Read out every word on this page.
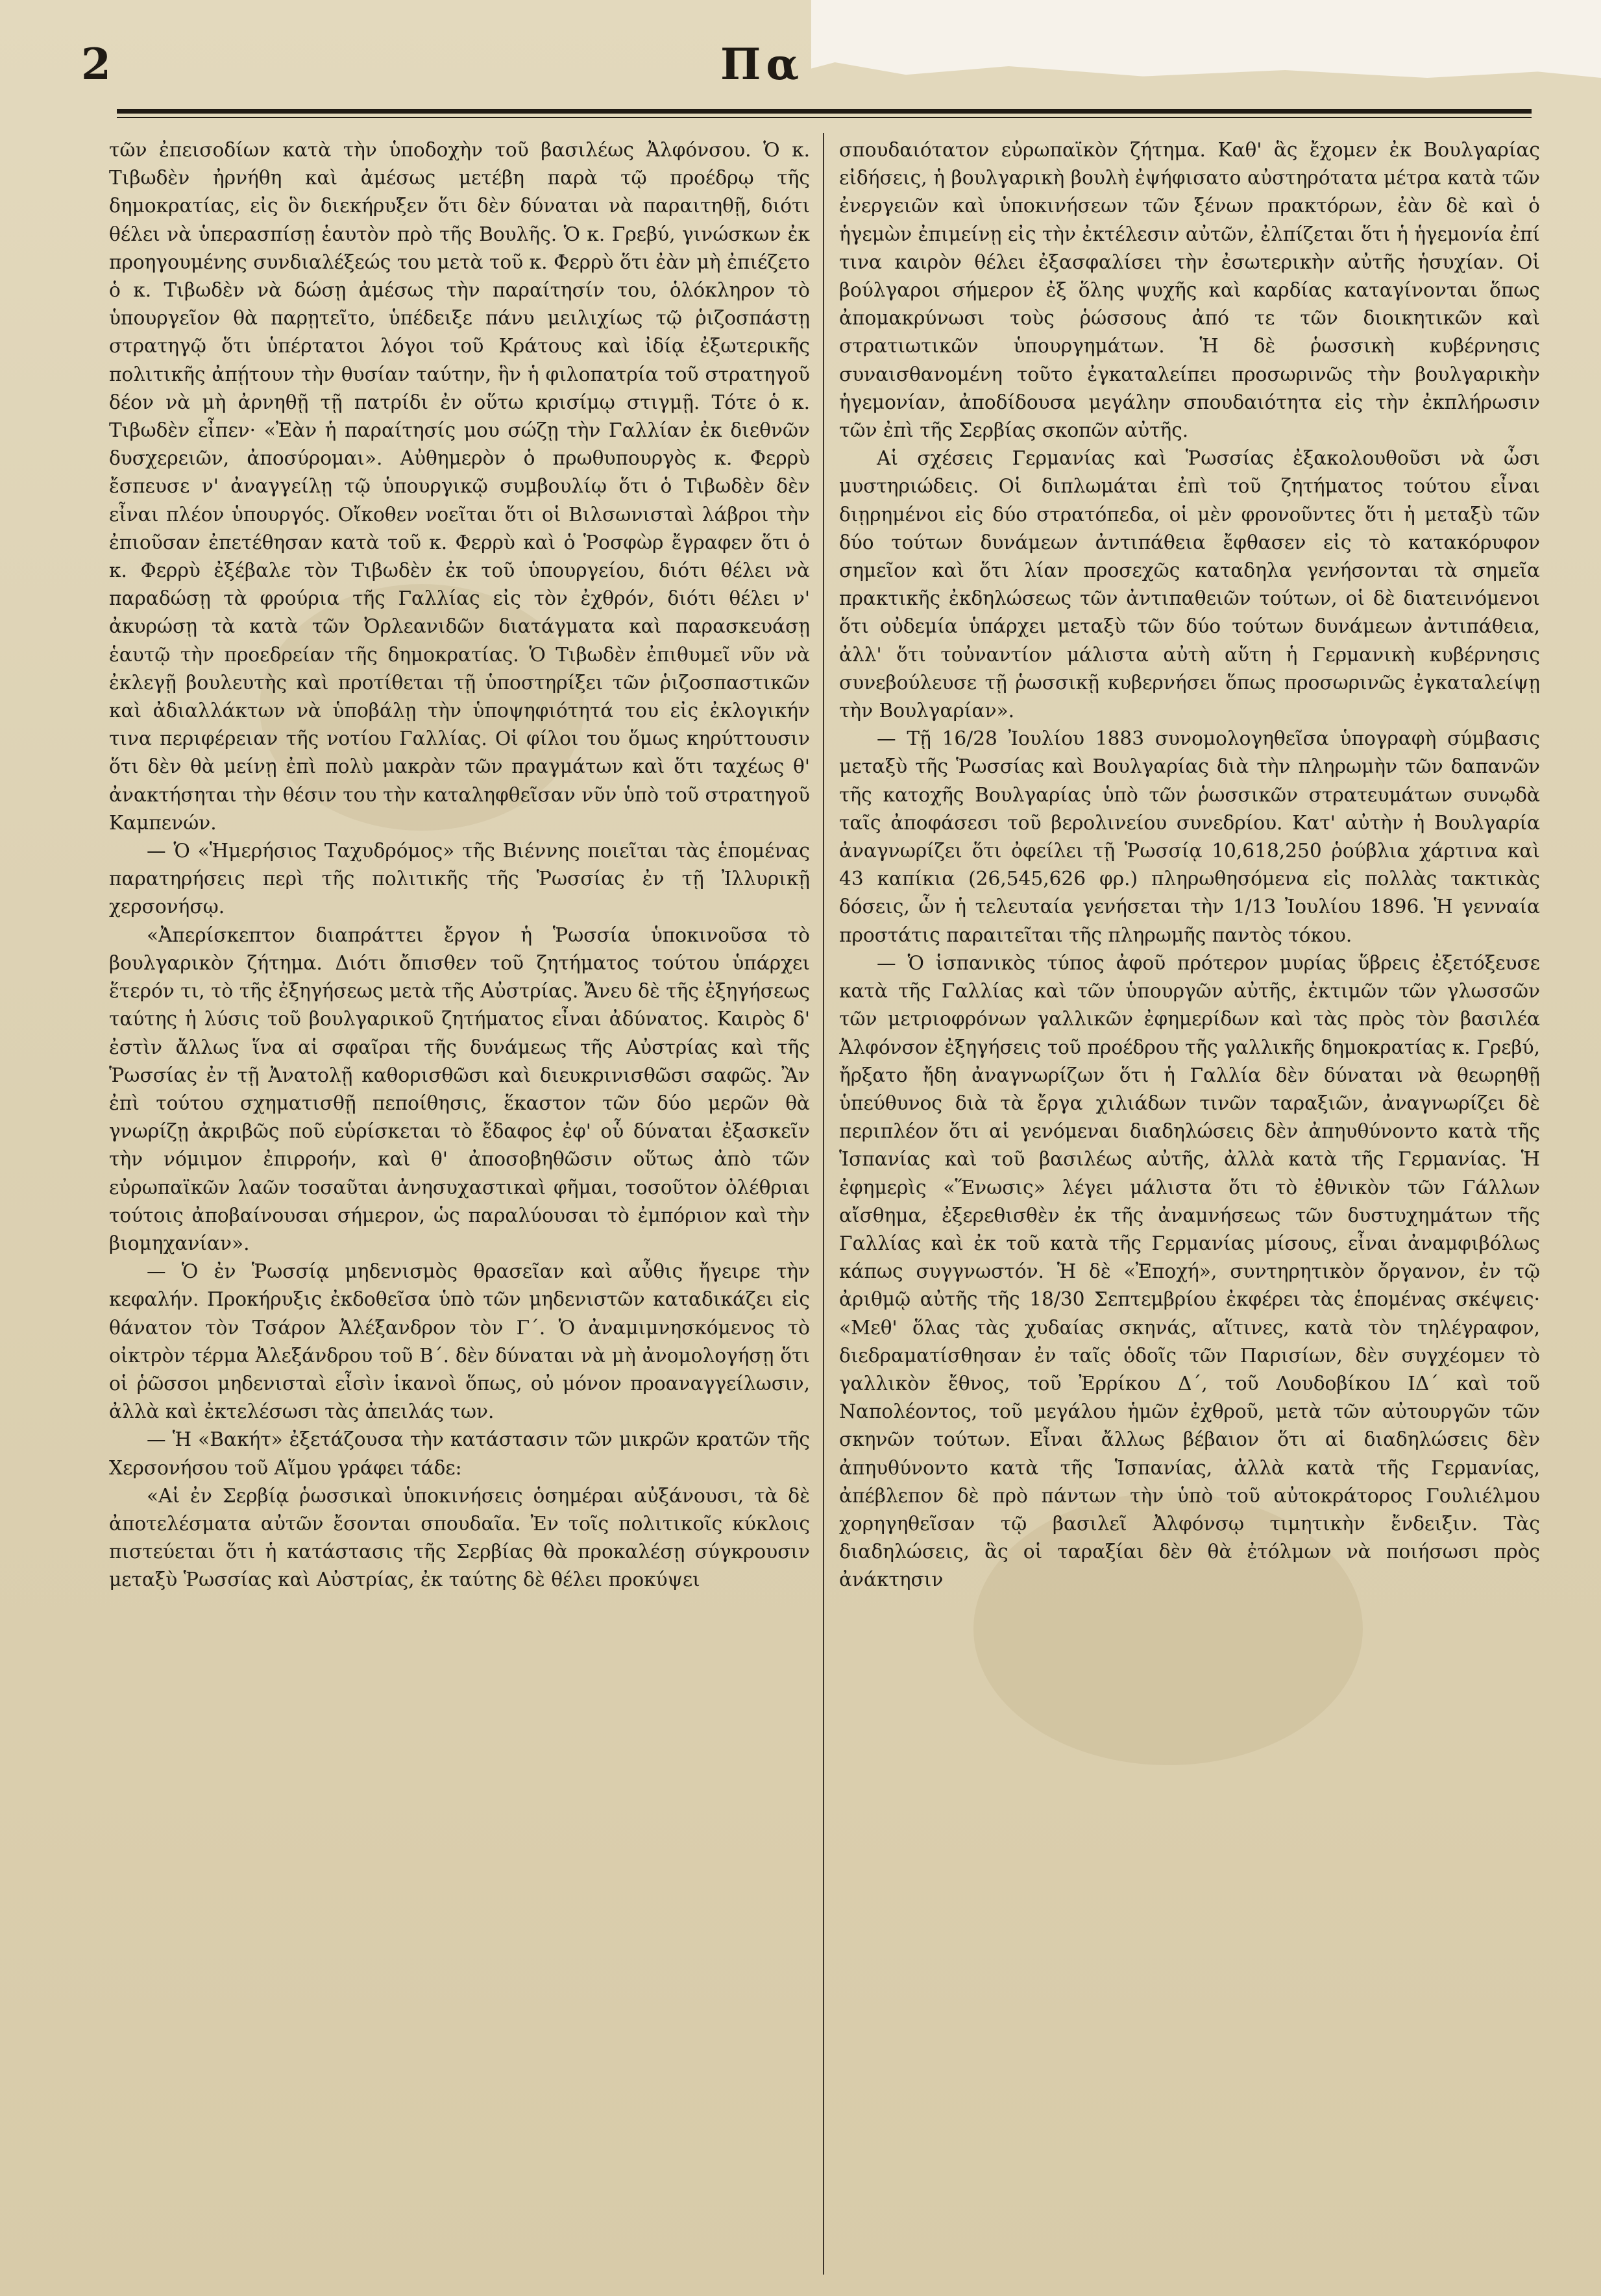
2	Πα

τῶν ἐπεισοδίων κατὰ τὴν ὑποδοχὴν τοῦ βασιλέως Ἀλφόνσου. Ὁ κ. Τιβωδὲν ἠρνήθη καὶ ἀμέσως μετέβη παρὰ τῷ προέδρῳ τῆς δημοκρατίας, εἰς ὃν διεκήρυξεν ὅτι δὲν δύναται νὰ παραιτηθῇ, διότι θέλει νὰ ὑπερασπίσῃ ἑαυτὸν πρὸ τῆς Βουλῆς. Ὁ κ. Γρεβύ, γινώσκων ἐκ προηγουμένης συνδιαλέξεώς του μετὰ τοῦ κ. Φερρὺ ὅτι ἐὰν μὴ ἐπιέζετο ὁ κ. Τιβωδὲν νὰ δώσῃ ἀμέσως τὴν παραίτησίν του, ὁλόκληρον τὸ ὑπουργεῖον θὰ παρῃτεῖτο, ὑπέδειξε πάνυ μειλιχίως τῷ ῥιζοσπάστῃ στρατηγῷ ὅτι ὑπέρτατοι λόγοι τοῦ Κράτους καὶ ἰδίᾳ ἐξωτερικῆς πολιτικῆς ἀπῄτουν τὴν θυσίαν ταύτην, ἣν ἡ φιλοπατρία τοῦ στρατηγοῦ δέον νὰ μὴ ἀρνηθῇ τῇ πατρίδι ἐν οὕτω κρισίμῳ στιγμῇ. Τότε ὁ κ. Τιβωδὲν εἶπεν· «Ἐὰν ἡ παραίτησίς μου σώζῃ τὴν Γαλλίαν ἐκ διεθνῶν δυσχερειῶν, ἀποσύρομαι». Αὐθημερὸν ὁ πρωθυπουργὸς κ. Φερρὺ ἔσπευσε ν' ἀναγγείλῃ τῷ ὑπουργικῷ συμβουλίῳ ὅτι ὁ Τιβωδὲν δὲν εἶναι πλέον ὑπουργός. Οἴκοθεν νοεῖται ὅτι οἱ Βιλσωνισταὶ λάβροι τὴν ἐπιοῦσαν ἐπετέθησαν κατὰ τοῦ κ. Φερρὺ καὶ ὁ Ῥοσφὼρ ἔγραφεν ὅτι ὁ κ. Φερρὺ ἐξέβαλε τὸν Τιβωδὲν ἐκ τοῦ ὑπουργείου, διότι θέλει νὰ παραδώσῃ τὰ φρούρια τῆς Γαλλίας εἰς τὸν ἐχθρόν, διότι θέλει ν' ἀκυρώσῃ τὰ κατὰ τῶν Ὀρλεανιδῶν διατάγματα καὶ παρασκευάσῃ ἑαυτῷ τὴν προεδρείαν τῆς δημοκρατίας. Ὁ Τιβωδὲν ἐπιθυμεῖ νῦν νὰ ἐκλεγῇ βουλευτὴς καὶ προτίθεται τῇ ὑποστηρίξει τῶν ῥιζοσπαστικῶν καὶ ἀδιαλλάκτων νὰ ὑποβάλῃ τὴν ὑποψηφιότητά του εἰς ἐκλογικήν τινα περιφέρειαν τῆς νοτίου Γαλλίας. Οἱ φίλοι του ὅμως κηρύττουσιν ὅτι δὲν θὰ μείνῃ ἐπὶ πολὺ μακρὰν τῶν πραγμάτων καὶ ὅτι ταχέως θ' ἀνακτήσηται τὴν θέσιν του τὴν καταληφθεῖσαν νῦν ὑπὸ τοῦ στρατηγοῦ Καμπενών.

— Ὁ «Ἡμερήσιος Ταχυδρόμος» τῆς Βιέννης ποιεῖται τὰς ἑπομένας παρατηρήσεις περὶ τῆς πολιτικῆς τῆς Ῥωσσίας ἐν τῇ Ἰλλυρικῇ χερσονήσῳ.

«Ἀπερίσκεπτον διαπράττει ἔργον ἡ Ῥωσσία ὑποκινοῦσα τὸ βουλγαρικὸν ζήτημα. Διότι ὄπισθεν τοῦ ζητήματος τούτου ὑπάρχει ἕτερόν τι, τὸ τῆς ἐξηγήσεως μετὰ τῆς Αὐστρίας. Ἄνευ δὲ τῆς ἐξηγήσεως ταύτης ἡ λύσις τοῦ βουλγαρικοῦ ζητήματος εἶναι ἀδύνατος. Καιρὸς δ' ἐστὶν ἄλλως ἵνα αἱ σφαῖραι τῆς δυνάμεως τῆς Αὐστρίας καὶ τῆς Ῥωσσίας ἐν τῇ Ἀνατολῇ καθορισθῶσι καὶ διευκρινισθῶσι σαφῶς. Ἂν ἐπὶ τούτου σχηματισθῇ πεποίθησις, ἕκαστον τῶν δύο μερῶν θὰ γνωρίζῃ ἀκριβῶς ποῦ εὑρίσκεται τὸ ἔδαφος ἐφ' οὗ δύναται ἐξασκεῖν τὴν νόμιμον ἐπιρροήν, καὶ θ' ἀποσοβηθῶσιν οὕτως ἀπὸ τῶν εὐρωπαϊκῶν λαῶν τοσαῦται ἀνησυχαστικαὶ φῆμαι, τοσοῦτον ὀλέθριαι τούτοις ἀποβαίνουσαι σήμερον, ὡς παραλύουσαι τὸ ἐμπόριον καὶ τὴν βιομηχανίαν».

— Ὁ ἐν Ῥωσσίᾳ μηδενισμὸς θρασεῖαν καὶ αὖθις ἤγειρε τὴν κεφαλήν. Προκήρυξις ἐκδοθεῖσα ὑπὸ τῶν μηδενιστῶν καταδικάζει εἰς θάνατον τὸν Τσάρον Ἀλέξανδρον τὸν Γ΄. Ὁ ἀναμιμνησκόμενος τὸ οἰκτρὸν τέρμα Ἀλεξάνδρου τοῦ Β΄. δὲν δύναται νὰ μὴ ἀνομολογήσῃ ὅτι οἱ ῥῶσσοι μηδενισταὶ εἶσὶν ἱκανοὶ ὅπως, οὐ μόνον προαναγγείλωσιν, ἀλλὰ καὶ ἐκτελέσωσι τὰς ἀπειλάς των.

— Ἡ «Βακήτ» ἐξετάζουσα τὴν κατάστασιν τῶν μικρῶν κρατῶν τῆς Χερσονήσου τοῦ Αἵμου γράφει τάδε:

«Αἱ ἐν Σερβίᾳ ῥωσσικαὶ ὑποκινήσεις ὁσημέραι αὐξάνουσι, τὰ δὲ ἀποτελέσματα αὐτῶν ἔσονται σπουδαῖα. Ἐν τοῖς πολιτικοῖς κύκλοις πιστεύεται ὅτι ἡ κατάστασις τῆς Σερβίας θὰ προκαλέσῃ σύγκρουσιν μεταξὺ Ῥωσσίας καὶ Αὐστρίας, ἐκ ταύτης δὲ θέλει προκύψει

σπουδαιότατον εὐρωπαϊκὸν ζήτημα. Καθ' ἃς ἔχομεν ἐκ Βουλγαρίας εἰδήσεις, ἡ βουλγαρικὴ βουλὴ ἐψήφισατο αὐστηρότατα μέτρα κατὰ τῶν ἐνεργειῶν καὶ ὑποκινήσεων τῶν ξένων πρακτόρων, ἐὰν δὲ καὶ ὁ ἡγεμὼν ἐπιμείνῃ εἰς τὴν ἐκτέλεσιν αὐτῶν, ἐλπίζεται ὅτι ἡ ἡγεμονία ἐπί τινα καιρὸν θέλει ἐξασφαλίσει τὴν ἐσωτερικὴν αὐτῆς ἡσυχίαν. Οἱ βούλγαροι σήμερον ἐξ ὅλης ψυχῆς καὶ καρδίας καταγίνονται ὅπως ἀπομακρύνωσι τοὺς ῥώσσους ἀπό τε τῶν διοικητικῶν καὶ στρατιωτικῶν ὑπουργημάτων. Ἡ δὲ ῥωσσικὴ κυβέρνησις συναισθανομένη τοῦτο ἐγκαταλείπει προσωρινῶς τὴν βουλγαρικὴν ἡγεμονίαν, ἀποδίδουσα μεγάλην σπουδαιότητα εἰς τὴν ἐκπλήρωσιν τῶν ἐπὶ τῆς Σερβίας σκοπῶν αὐτῆς.

Αἱ σχέσεις Γερμανίας καὶ Ῥωσσίας ἐξακολουθοῦσι νὰ ὦσι μυστηριώδεις. Οἱ διπλωμάται ἐπὶ τοῦ ζητήματος τούτου εἶναι διῃρημένοι εἰς δύο στρατόπεδα, οἱ μὲν φρονοῦντες ὅτι ἡ μεταξὺ τῶν δύο τούτων δυνάμεων ἀντιπάθεια ἔφθασεν εἰς τὸ κατακόρυφον σημεῖον καὶ ὅτι λίαν προσεχῶς καταδηλα γενήσονται τὰ σημεῖα πρακτικῆς ἐκδηλώσεως τῶν ἀντιπαθειῶν τούτων, οἱ δὲ διατεινόμενοι ὅτι οὐδεμία ὑπάρχει μεταξὺ τῶν δύο τούτων δυνάμεων ἀντιπάθεια, ἀλλ' ὅτι τοὐναντίον μάλιστα αὐτὴ αὕτη ἡ Γερμανικὴ κυβέρνησις συνεβούλευσε τῇ ῥωσσικῇ κυβερνήσει ὅπως προσωρινῶς ἐγκαταλείψῃ τὴν Βουλγαρίαν».

— Τῇ 16/28 Ἰουλίου 1883 συνομολογηθεῖσα ὑπογραφὴ σύμβασις μεταξὺ τῆς Ῥωσσίας καὶ Βουλγαρίας διὰ τὴν πληρωμὴν τῶν δαπανῶν τῆς κατοχῆς Βουλγαρίας ὑπὸ τῶν ῥωσσικῶν στρατευμάτων συνῳδὰ ταῖς ἀποφάσεσι τοῦ βερολινείου συνεδρίου. Κατ' αὐτὴν ἡ Βουλγαρία ἀναγνωρίζει ὅτι ὀφείλει τῇ Ῥωσσίᾳ 10,618,250 ῥούβλια χάρτινα καὶ 43 καπίκια (26,545,626 φρ.) πληρωθησόμενα εἰς πολλὰς τακτικὰς δόσεις, ὧν ἡ τελευταία γενήσεται τὴν 1/13 Ἰουλίου 1896. Ἡ γενναία προστάτις παραιτεῖται τῆς πληρωμῆς παντὸς τόκου.

— Ὁ ἱσπανικὸς τύπος ἀφοῦ πρότερον μυρίας ὕβρεις ἐξετόξευσε κατὰ τῆς Γαλλίας καὶ τῶν ὑπουργῶν αὐτῆς, ἐκτιμῶν τῶν γλωσσῶν τῶν μετριοφρόνων γαλλικῶν ἐφημερίδων καὶ τὰς πρὸς τὸν βασιλέα Ἀλφόνσον ἐξηγήσεις τοῦ προέδρου τῆς γαλλικῆς δημοκρατίας κ. Γρεβύ, ἤρξατο ἤδη ἀναγνωρίζων ὅτι ἡ Γαλλία δὲν δύναται νὰ θεωρηθῇ ὑπεύθυνος διὰ τὰ ἔργα χιλιάδων τινῶν ταραξιῶν, ἀναγνωρίζει δὲ περιπλέον ὅτι αἱ γενόμεναι διαδηλώσεις δὲν ἀπηυθύνοντο κατὰ τῆς Ἱσπανίας καὶ τοῦ βασιλέως αὐτῆς, ἀλλὰ κατὰ τῆς Γερμανίας. Ἡ ἐφημερὶς «Ἕνωσις» λέγει μάλιστα ὅτι τὸ ἐθνικὸν τῶν Γάλλων αἴσθημα, ἐξερεθισθὲν ἐκ τῆς ἀναμνήσεως τῶν δυστυχημάτων τῆς Γαλλίας καὶ ἐκ τοῦ κατὰ τῆς Γερμανίας μίσους, εἶναι ἀναμφιβόλως κάπως συγγνωστόν. Ἡ δὲ «Ἐποχή», συντηρητικὸν ὄργανον, ἐν τῷ ἀριθμῷ αὐτῆς τῆς 18/30 Σεπτεμβρίου ἐκφέρει τὰς ἑπομένας σκέψεις· «Μεθ' ὅλας τὰς χυδαίας σκηνάς, αἵτινες, κατὰ τὸν τηλέγραφον, διεδραματίσθησαν ἐν ταῖς ὁδοῖς τῶν Παρισίων, δὲν συγχέομεν τὸ γαλλικὸν ἔθνος, τοῦ Ἐρρίκου Δ΄, τοῦ Λουδοβίκου ΙΔ΄ καὶ τοῦ Ναπολέοντος, τοῦ μεγάλου ἡμῶν ἐχθροῦ, μετὰ τῶν αὐτουργῶν τῶν σκηνῶν τούτων. Εἶναι ἄλλως βέβαιον ὅτι αἱ διαδηλώσεις δὲν ἀπηυθύνοντο κατὰ τῆς Ἱσπανίας, ἀλλὰ κατὰ τῆς Γερμανίας, ἀπέβλεπον δὲ πρὸ πάντων τὴν ὑπὸ τοῦ αὐτοκράτορος Γουλιέλμου χορηγηθεῖσαν τῷ βασιλεῖ Ἀλφόνσῳ τιμητικὴν ἔνδειξιν. Τὰς διαδηλώσεις, ἃς οἱ ταραξίαι δὲν θὰ ἐτόλμων νὰ ποιήσωσι πρὸς ἀνάκτησιν
